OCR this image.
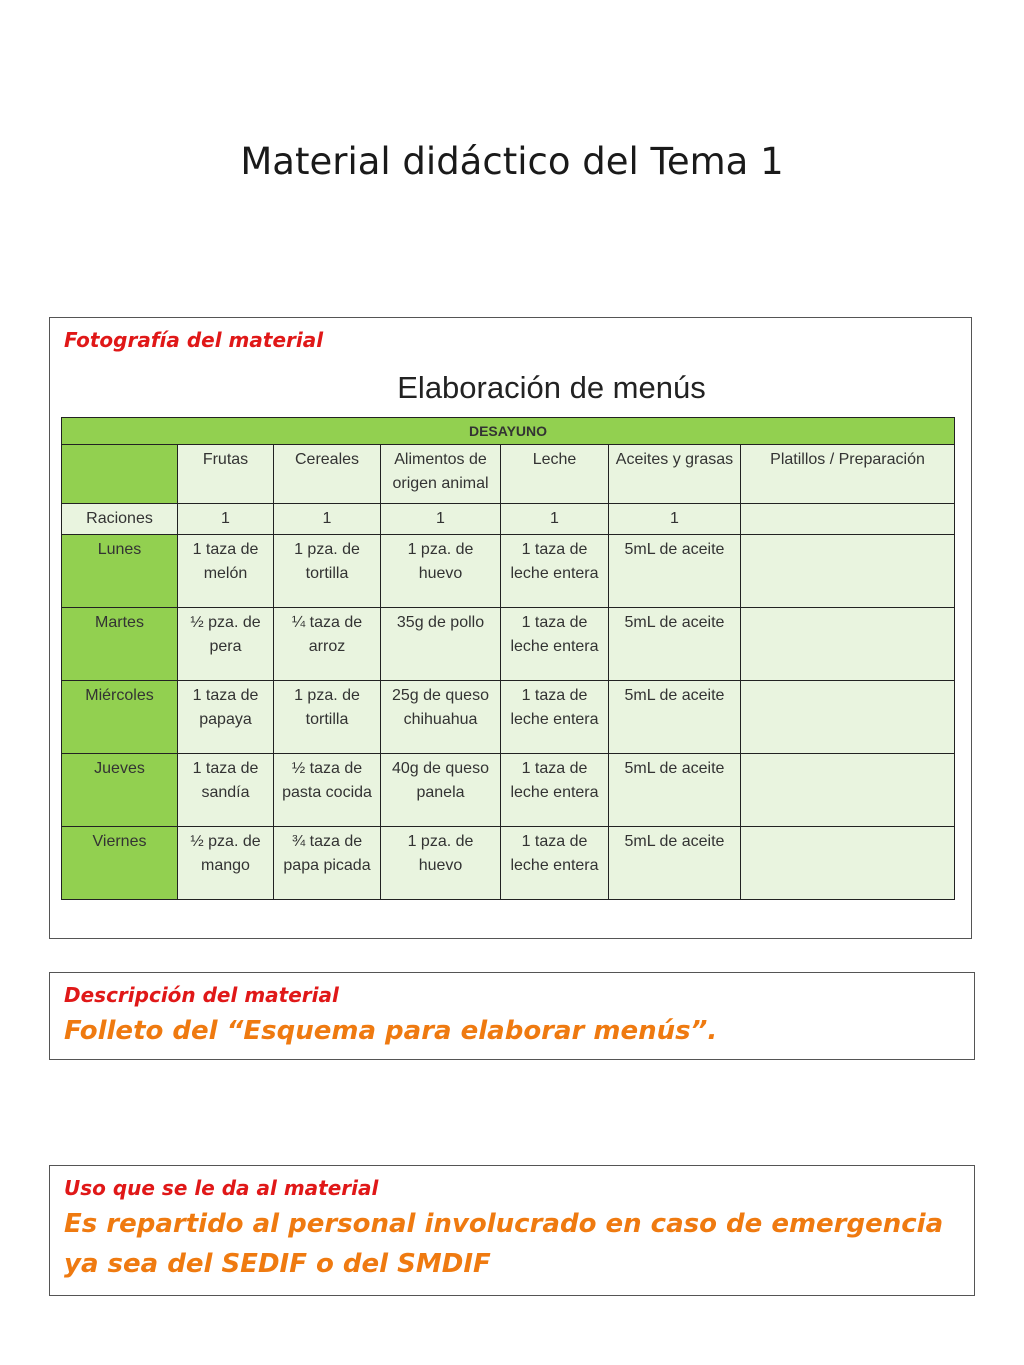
Material didáctico del Tema 1
Fotografía del material
Elaboración de menús
DESAYUNO						
	Frutas	Cereales	Alimentos de origen animal	Leche	Aceites y grasas	Platillos / Preparación
Raciones	1	1	1	1	1	
Lunes	1 taza de melón	1 pza. de tortilla	1 pza. de huevo	1 taza de leche entera	5mL de aceite	
Martes	½ pza. de pera	¼ taza de arroz	35g de pollo	1 taza de leche entera	5mL de aceite	
Miércoles	1 taza de papaya	1 pza. de tortilla	25g de queso chihuahua	1 taza de leche entera	5mL de aceite	
Jueves	1 taza de sandía	½ taza de pasta cocida	40g de queso panela	1 taza de leche entera	5mL de aceite	
Viernes	½ pza. de mango	¾ taza de papa picada	1 pza. de huevo	1 taza de leche entera	5mL de aceite	
Descripción del material
Folleto del “Esquema para elaborar menús”.
Uso que se le da al material
Es repartido al personal involucrado en caso de emergencia ya sea del SEDIF o del SMDIF
